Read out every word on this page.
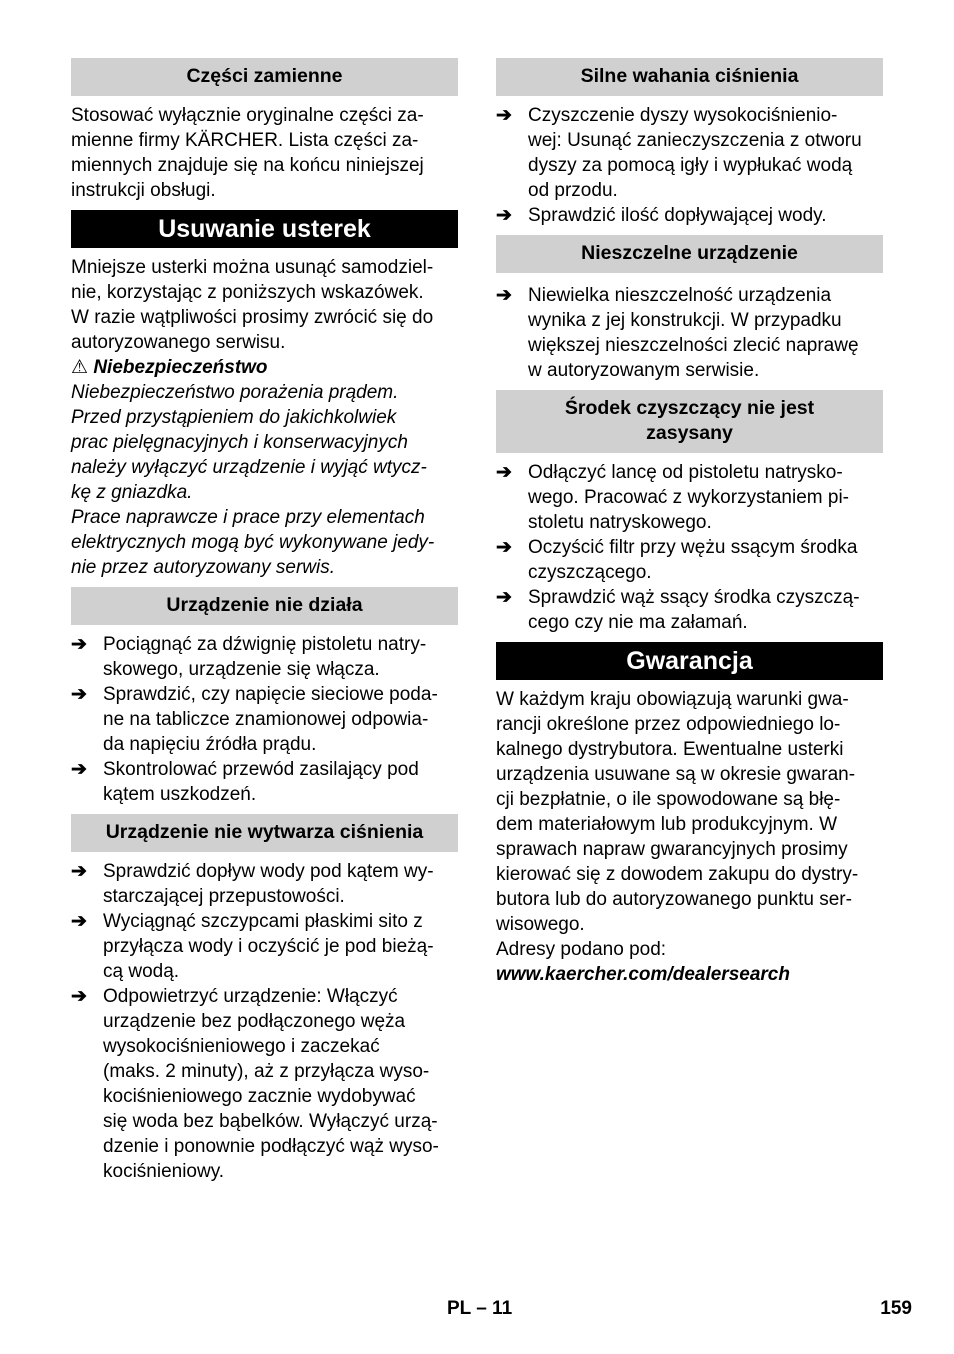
Części zamienne

Stosować wyłącznie oryginalne części za-

mienne firmy KÄRCHER. Lista części za-

miennych znajduje się na końcu niniejszej

instrukcji obsługi.

Usuwanie usterek

Mniejsze usterki można usunąć samodziel-

nie, korzystając z poniższych wskazówek.

W razie wątpliwości prosimy zwrócić się do

autoryzowanego serwisu.

⚠ Niebezpieczeństwo

Niebezpieczeństwo porażenia prądem.

Przed przystąpieniem do jakichkolwiek

prac pielęgnacyjnych i konserwacyjnych

należy wyłączyć urządzenie i wyjąć wtycz-

kę z gniazdka.

Prace naprawcze i prace przy elementach

elektrycznych mogą być wykonywane jedy-

nie przez autoryzowany serwis.

Urządzenie nie działa
➔ Pociągnąć za dźwignię pistoletu natry-
skowego, urządzenie się włącza.
➔ Sprawdzić, czy napięcie sieciowe poda-
ne na tabliczce znamionowej odpowia-
da napięciu źródła prądu.
➔ Skontrolować przewód zasilający pod
kątem uszkodzeń.
Urządzenie nie wytwarza ciśnienia
➔ Sprawdzić dopływ wody pod kątem wy-
starczającej przepustowości.
➔ Wyciągnąć szczypcami płaskimi sito z
przyłącza wody i oczyścić je pod bieżą-
cą wodą.
➔ Odpowietrzyć urządzenie: Włączyć
urządzenie bez podłączonego węża
wysokociśnieniowego i zaczekać
(maks. 2 minuty), aż z przyłącza wyso-
kociśnieniowego zacznie wydobywać
się woda bez bąbelków. Wyłączyć urzą-
dzenie i ponownie podłączyć wąż wyso-
kociśnieniowy.
Silne wahania ciśnienia
➔ Czyszczenie dyszy wysokociśnienio-
wej: Usunąć zanieczyszczenia z otworu
dyszy za pomocą igły i wypłukać wodą
od przodu.
➔ Sprawdzić ilość dopływającej wody.
Nieszczelne urządzenie
➔ Niewielka nieszczelność urządzenia
wynika z jej konstrukcji. W przypadku
większej nieszczelności zlecić naprawę
w autoryzowanym serwisie.
Środek czyszczący nie jest
zasysany
➔ Odłączyć lancę od pistoletu natrysko-
wego. Pracować z wykorzystaniem pi-
stoletu natryskowego.
➔ Oczyścić filtr przy wężu ssącym środka
czyszczącego.
➔ Sprawdzić wąż ssący środka czyszczą-
cego czy nie ma załamań.
Gwarancja

W każdym kraju obowiązują warunki gwa-

rancji określone przez odpowiedniego lo-

kalnego dystrybutora. Ewentualne usterki

urządzenia usuwane są w okresie gwaran-

cji bezpłatnie, o ile spowodowane są błę-

dem materiałowym lub produkcyjnym. W

sprawach napraw gwarancyjnych prosimy

kierować się z dowodem zakupu do dystry-

butora lub do autoryzowanego punktu ser-

wisowego.

Adresy podano pod:

www.kaercher.com/dealersearch

PL – 11	159
